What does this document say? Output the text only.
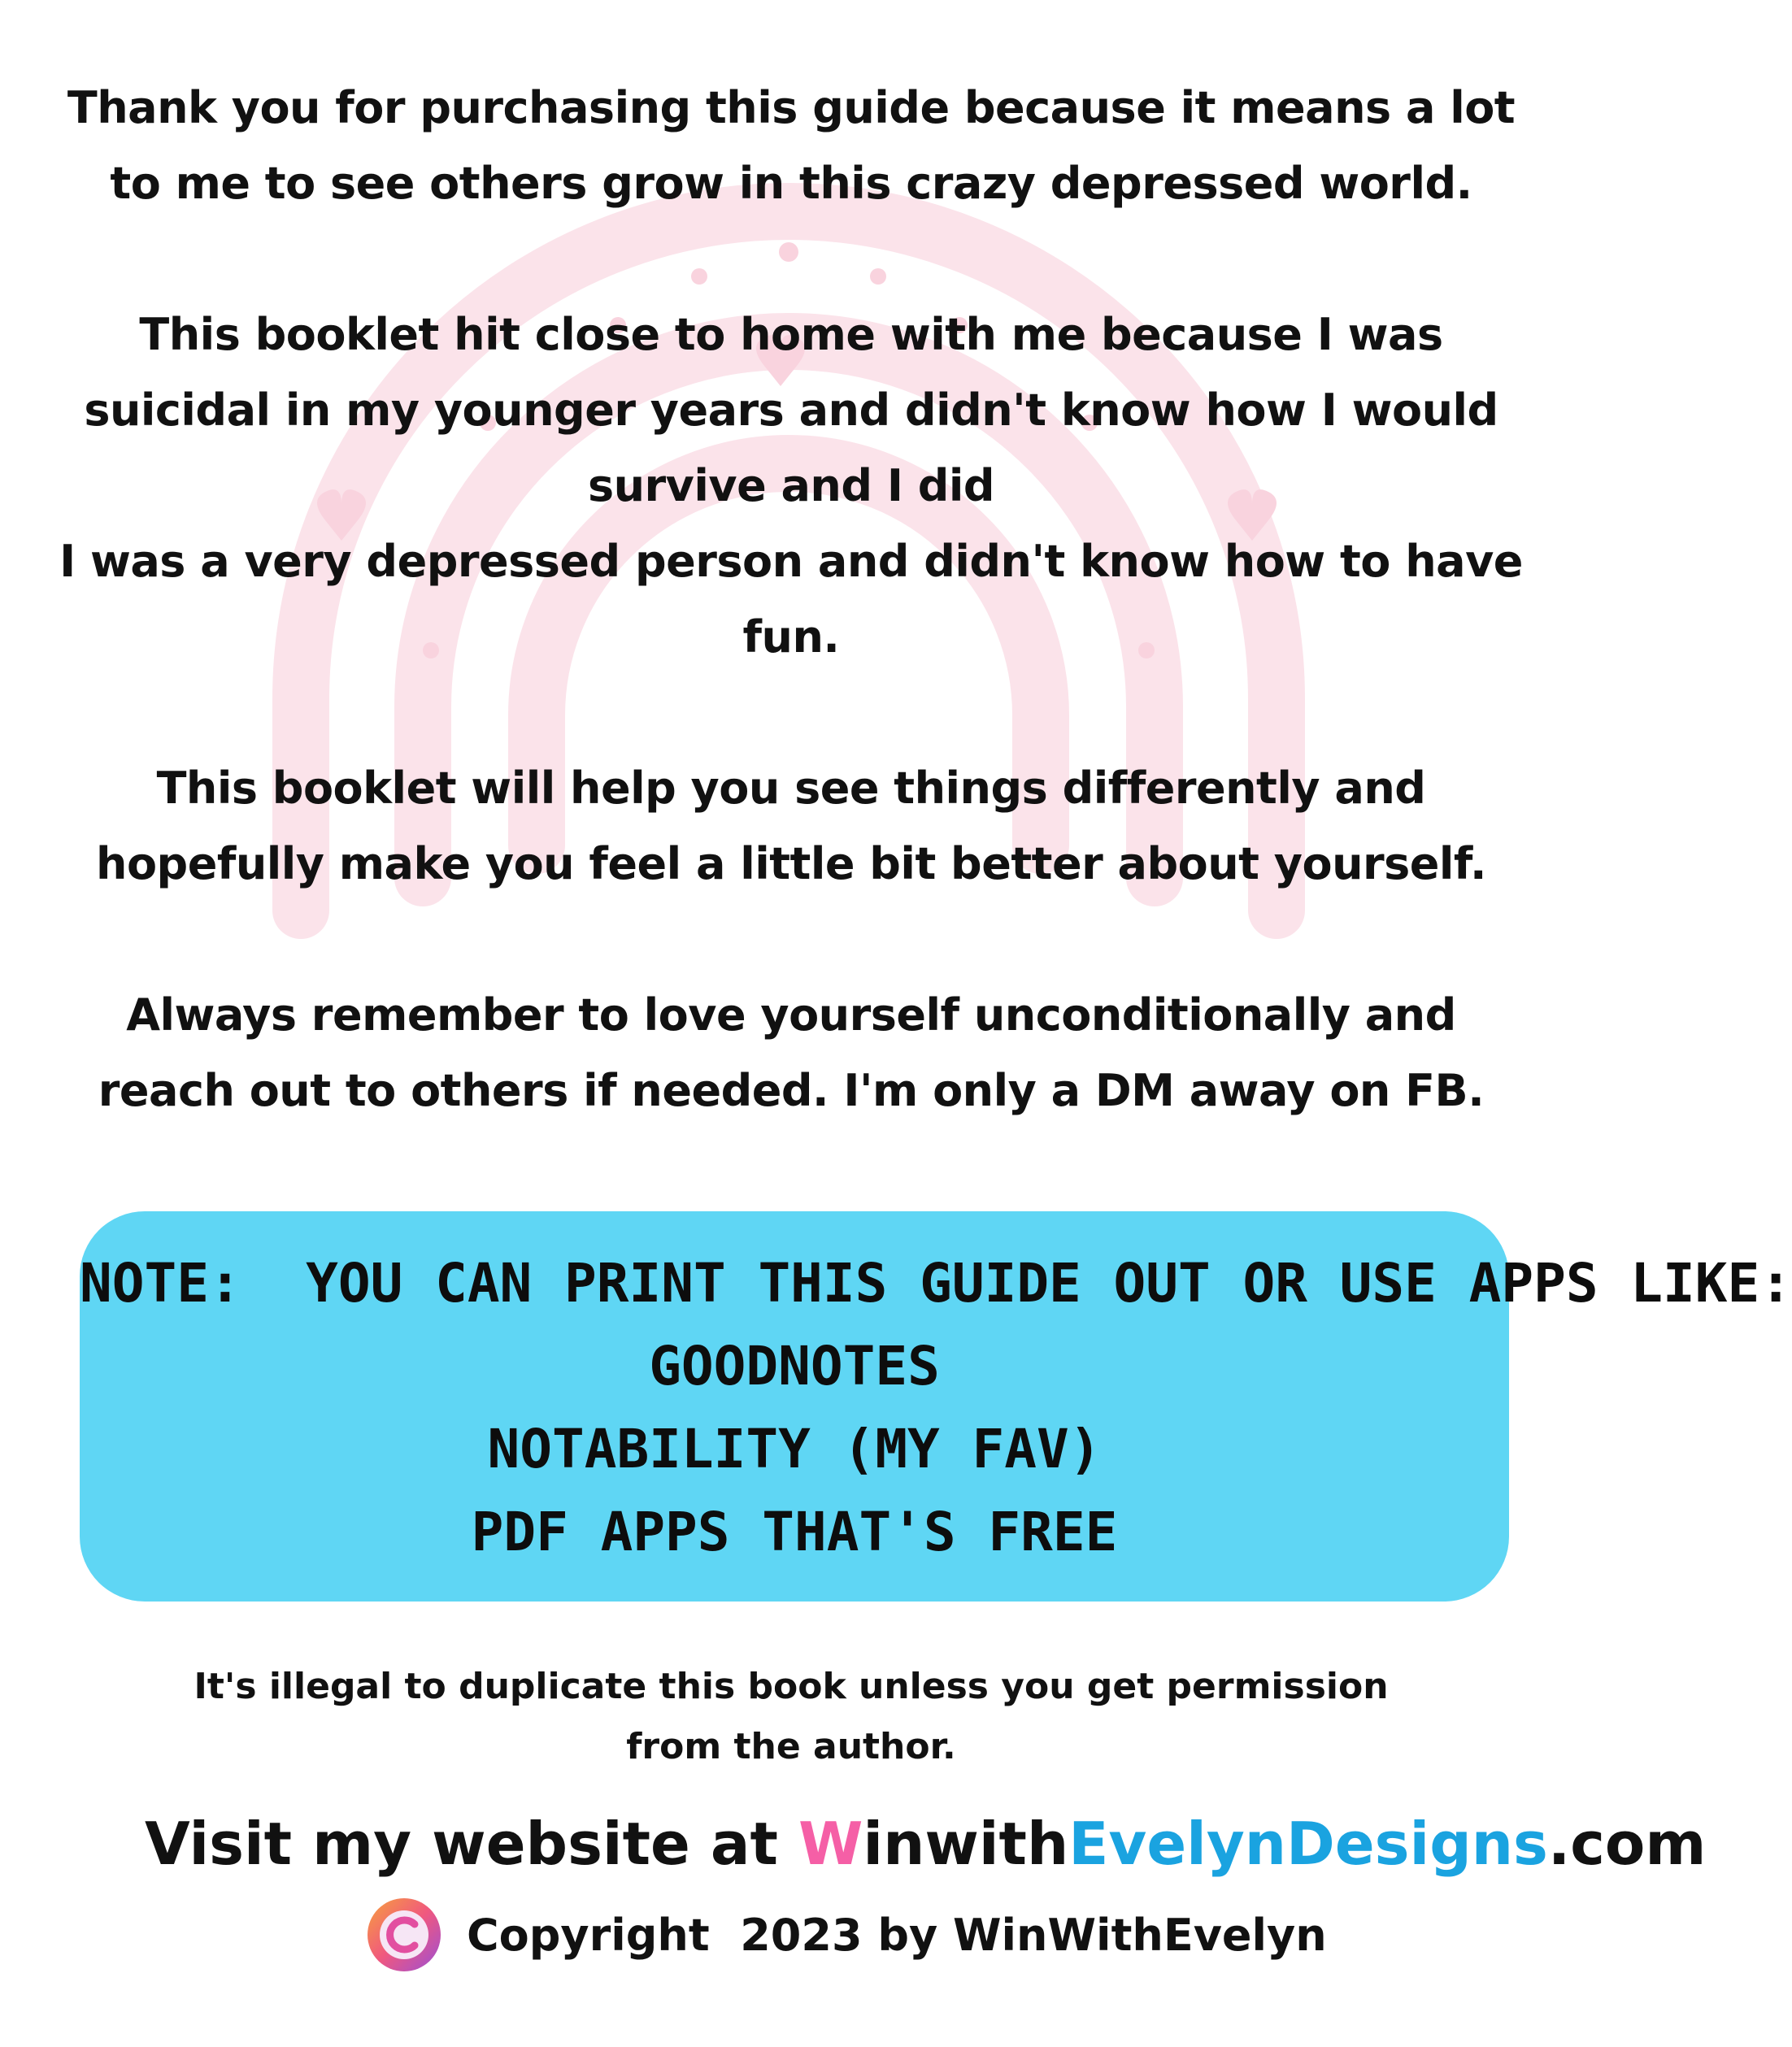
Thank you for purchasing this guide because it means a lot
to me to see others grow in this crazy depressed world.

This booklet hit close to home with me because I was
suicidal in my younger years and didn't know how I would
survive and I did
I was a very depressed person and didn't know how to have
fun.

This booklet will help you see things differently and
hopefully make you feel a little bit better about yourself.

Always remember to love yourself unconditionally and
reach out to others if needed. I'm only a DM away on FB.

NOTE:  YOU CAN PRINT THIS GUIDE OUT OR USE APPS LIKE:
GOODNOTES
NOTABILITY (MY FAV)
PDF APPS THAT'S FREE

It's illegal to duplicate this book unless you get permission

from the author.

Visit my website at WinwithEvelynDesigns.com
Copyright  2023 by WinWithEvelyn
